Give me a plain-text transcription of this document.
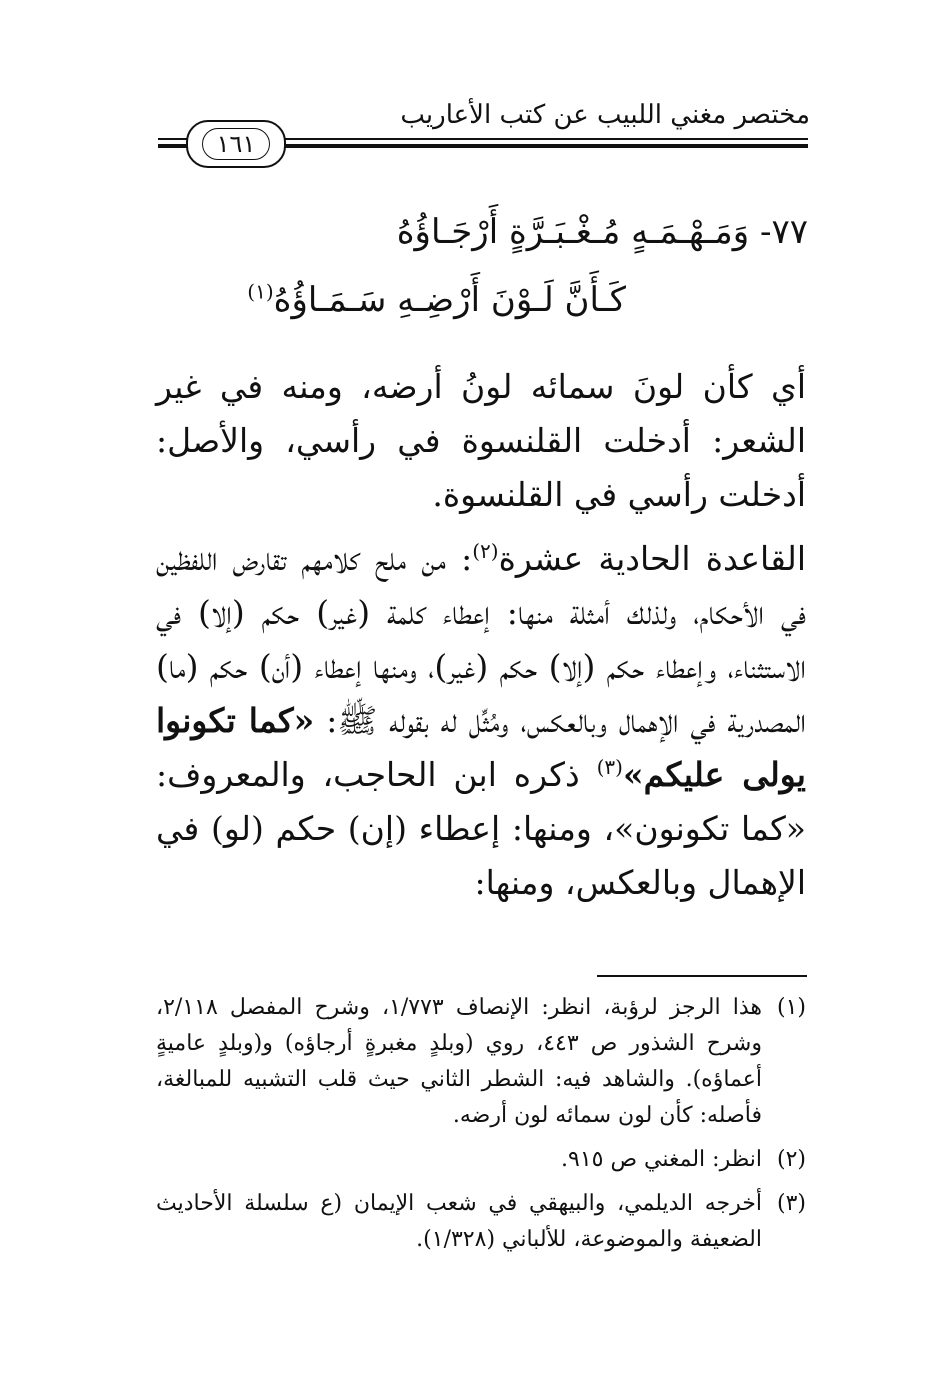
مختصر مغني اللبيب عن كتب الأعاريب
١٦١
٧٧- وَمَـهْـمَـهٍ مُـغْـبَـرَّةٍ أَرْجَـاؤُهُ
كَـأَنَّ لَـوْنَ أَرْضِـهِ سَـمَـاؤُهُ$^{(١)}$

أي كأن لونَ سمائه لونُ أرضه، ومنه في غير الشعر: أدخلت القلنسوة في رأسي، والأصل: أدخلت رأسي في القلنسوة.

القاعدة الحادية عشرة$^{(٢)}$: من ملح كلامهم تقارض اللفظين في الأحكام، ولذلك أمثلة منها: إعطاء كلمة (غير) حكم (إلا) في الاستثناء، وإعطاء حكم (إلا) حكم (غير)، ومنها إعطاء (أن) حكم (ما) المصدرية في الإهمال وبالعكس، ومُثِّل له بقوله ﷺ: «كما تكونوا يولى عليكم»$^{(٣)}$ ذكره ابن الحاجب، والمعروف: «كما تكونون»، ومنها: إعطاء (إن) حكم (لو) في الإهمال وبالعكس، ومنها:

(١)
هذا الرجز لرؤبة، انظر: الإنصاف ١/٧٧٣، وشرح المفصل ٢/١١٨، وشرح الشذور ص ٤٤٣، روي (وبلدٍ مغبرةٍ أرجاؤه) و(وبلدٍ عاميةٍ أعماؤه). والشاهد فيه: الشطر الثاني حيث قلب التشبيه للمبالغة، فأصله: كأن لون سمائه لون أرضه.
(٢)
انظر: المغني ص ٩١٥.
(٣)
أخرجه الديلمي، والبيهقي في شعب الإيمان (ع سلسلة الأحاديث الضعيفة والموضوعة، للألباني (١/٣٢٨).
